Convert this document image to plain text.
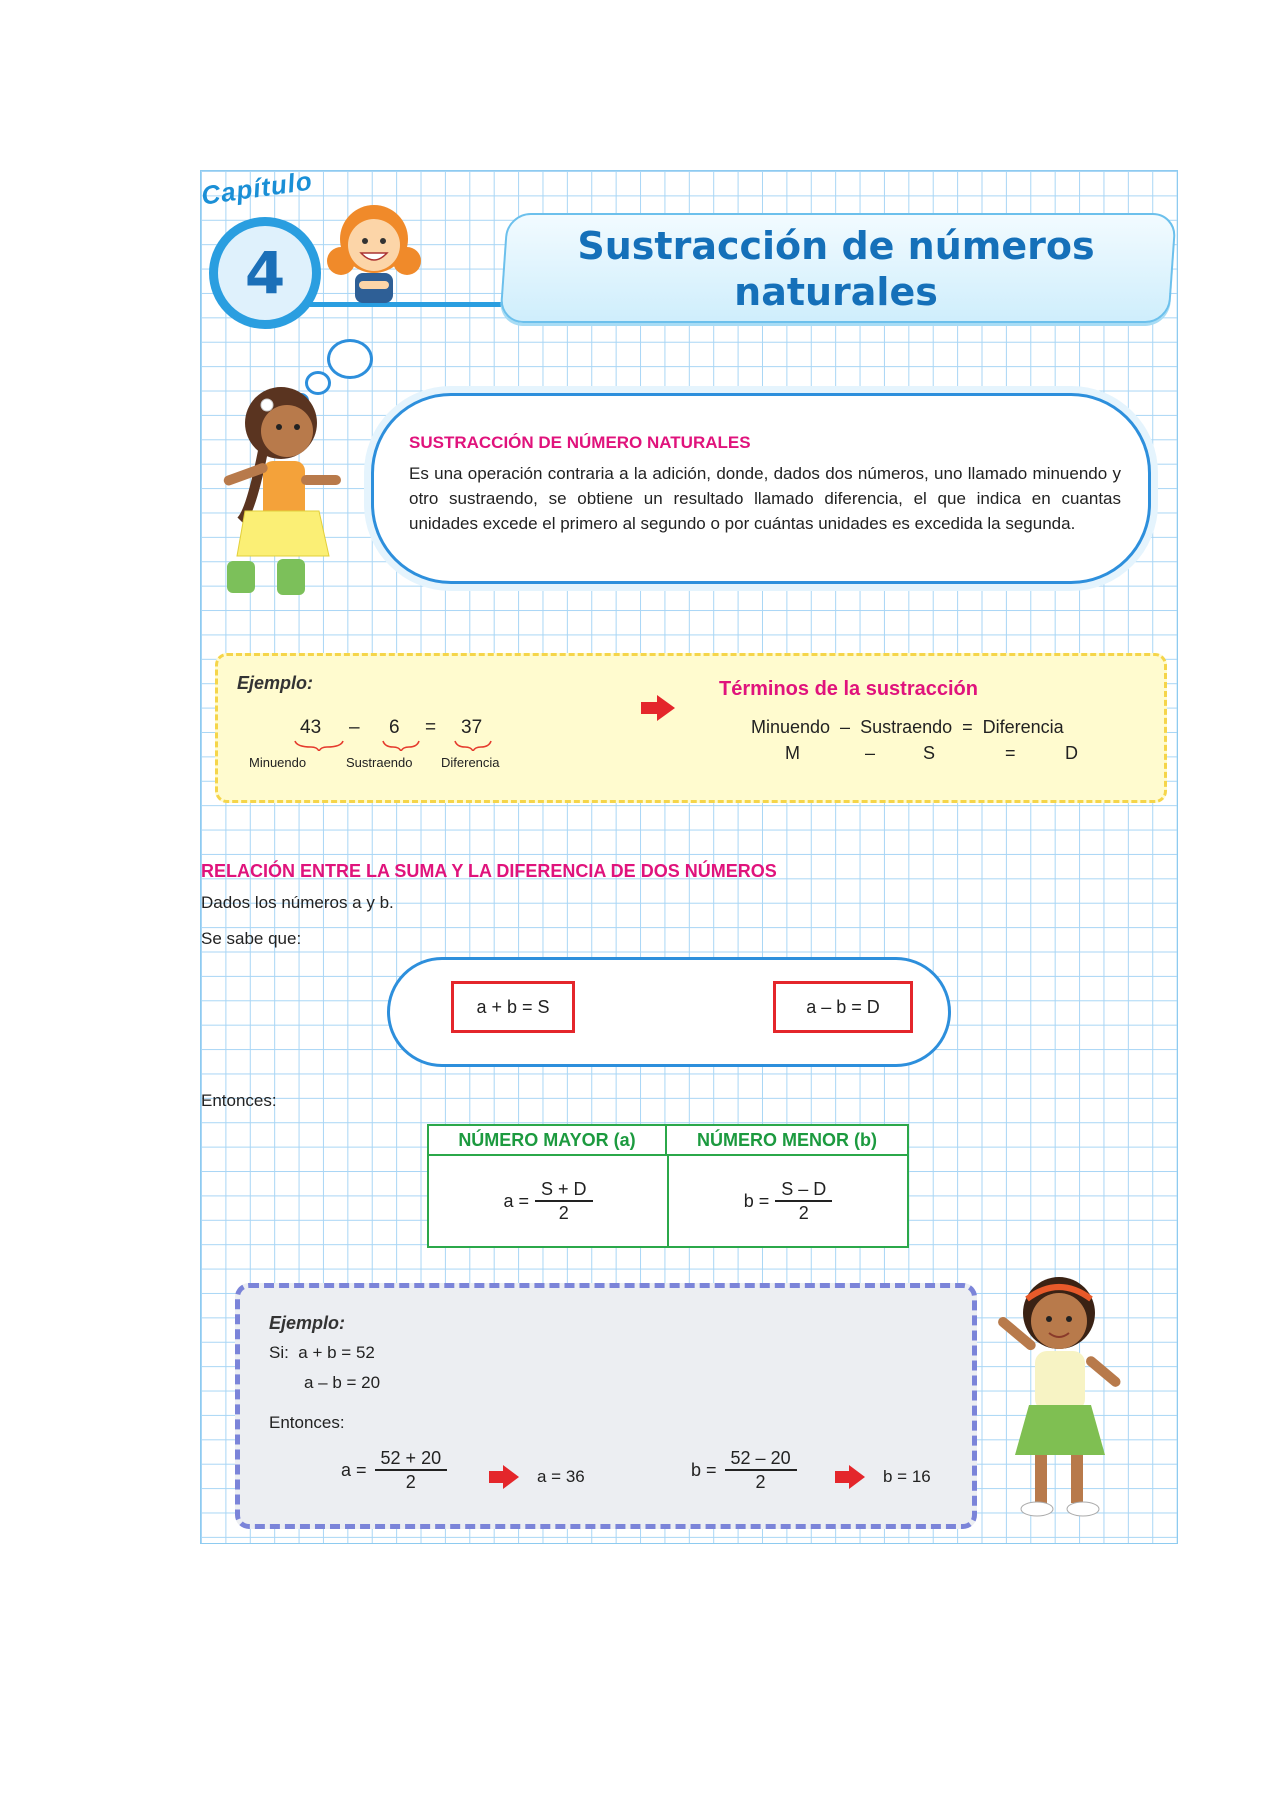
Capítulo
4	Sustracción de números naturales
SUSTRACCIÓN DE NÚMERO NATURALES
Es una operación contraria a la adición, donde, dados dos números, uno llamado minuendo y otro sustraendo, se obtiene un resultado llamado diferencia, el que indica en cuantas unidades excede el primero al segundo o por cuántas unidades es excedida la segunda.
Ejemplo:
43 – 6 = 37
Minuendo	Sustraendo Diferencia
Términos de la sustracción
Minuendo  –  Sustraendo  =  Diferencia
M	–	S	=	D
RELACIÓN ENTRE LA SUMA Y LA DIFERENCIA DE DOS NÚMEROS
Dados los números a y b.
Se sabe que:
a + b = S	a – b = D
Entonces:
NÚMERO MAYOR (a)	NÚMERO MENOR (b)
$a = \frac{S + D}{2}$	$b = \frac{S - D}{2}$
Ejemplo:
Si:  a + b = 52
a – b = 20
Entonces:
$a = \frac{52 + 20}{2}$	a = 36	$b = \frac{52 - 20}{2}$	b = 16
